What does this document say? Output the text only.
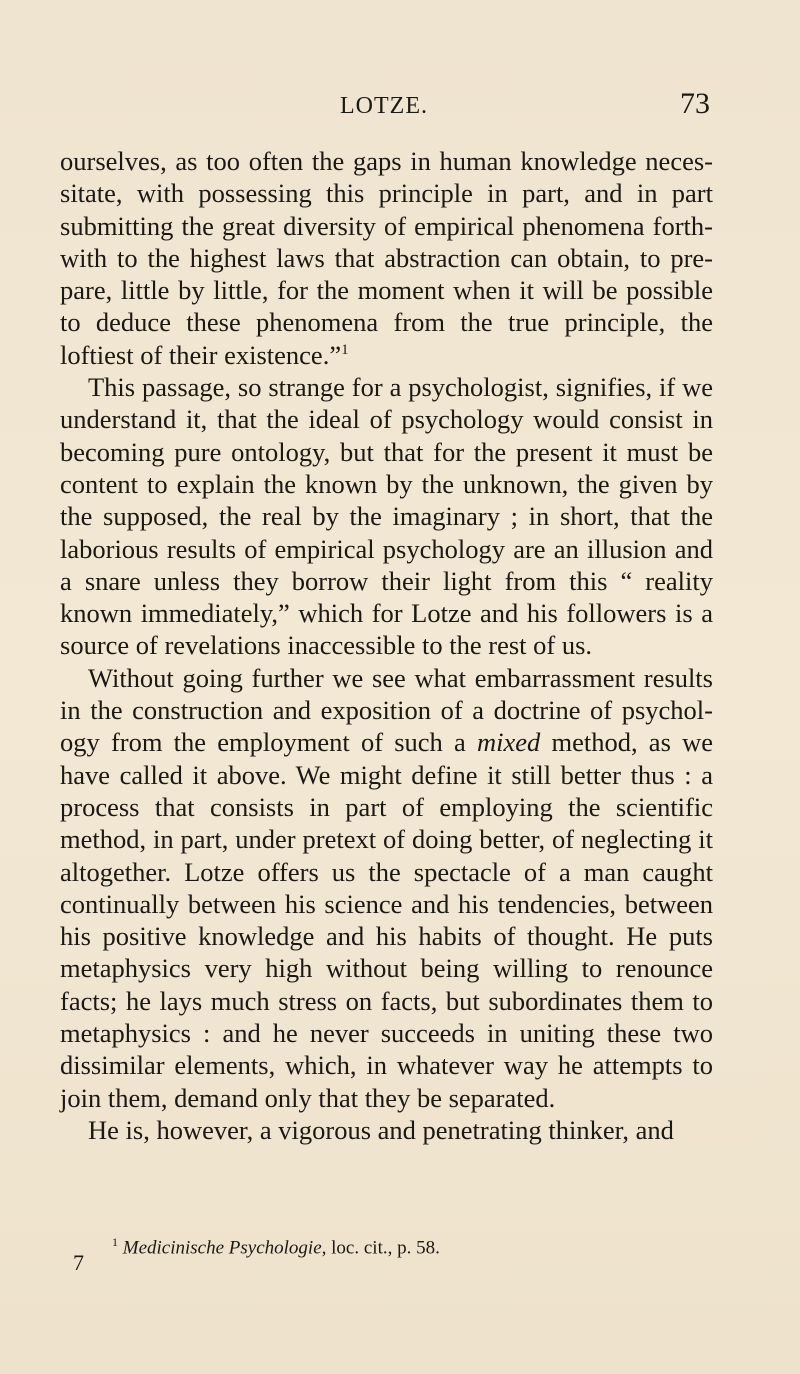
LOTZE.	73

ourselves, as too often the gaps in human knowledge necessitate, with possessing this principle in part, and in part submitting the great diversity of empirical phenomena forthwith to the highest laws that abstraction can obtain, to prepare, little by little, for the moment when it will be possible to deduce these phenomena from the true principle, the loftiest of their existence.”$^1$

This passage, so strange for a psychologist, signifies, if we understand it, that the ideal of psychology would consist in becoming pure ontology, but that for the present it must be content to explain the known by the unknown, the given by the supposed, the real by the imaginary ; in short, that the laborious results of empirical psychology are an illusion and a snare unless they borrow their light from this “ reality known immediately,” which for Lotze and his followers is a source of revelations inaccessible to the rest of us.

Without going further we see what embarrassment results in the construction and exposition of a doctrine of psychology from the employment of such a mixed method, as we have called it above. We might define it still better thus : a process that consists in part of employing the scientific method, in part, under pretext of doing better, of neglecting it altogether. Lotze offers us the spectacle of a man caught continually between his science and his tendencies, between his positive knowledge and his habits of thought. He puts metaphysics very high without being willing to renounce facts; he lays much stress on facts, but subordinates them to metaphysics : and he never succeeds in uniting these two dissimilar elements, which, in whatever way he attempts to join them, demand only that they be separated.

He is, however, a vigorous and penetrating thinker, and

$^1$ Medicinische Psychologie, loc. cit., p. 58.
7
